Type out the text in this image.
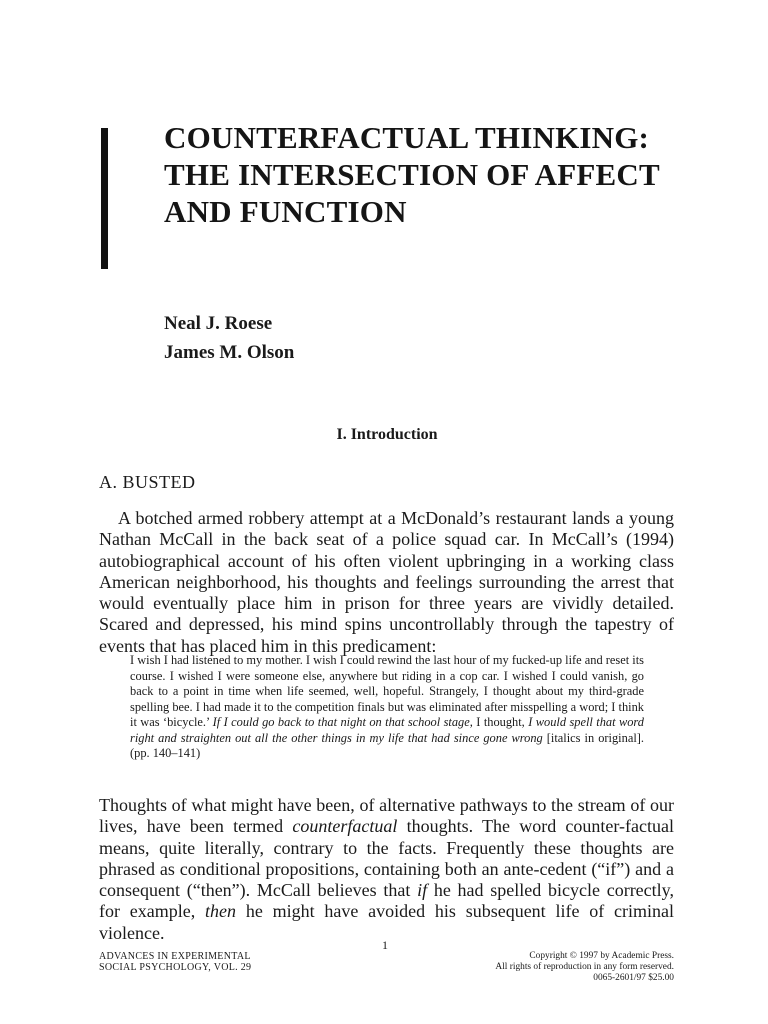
COUNTERFACTUAL THINKING:
THE INTERSECTION OF AFFECT
AND FUNCTION
Neal J. Roese
James M. Olson
I. Introduction
A. BUSTED

A botched armed robbery attempt at a McDonald’s restaurant lands a young Nathan McCall in the back seat of a police squad car. In McCall’s (1994) autobiographical account of his often violent upbringing in a working class American neighborhood, his thoughts and feelings surrounding the arrest that would eventually place him in prison for three years are vividly detailed. Scared and depressed, his mind spins uncontrollably through the tapestry of events that has placed him in this predicament:

I wish I had listened to my mother. I wish I could rewind the last hour of my fucked-up life and reset its course. I wished I were someone else, anywhere but riding in a cop car. I wished I could vanish, go back to a point in time when life seemed, well, hopeful. Strangely, I thought about my third-grade spelling bee. I had made it to the competition finals but was eliminated after misspelling a word; I think it was ‘bicycle.’ If I could go back to that night on that school stage, I thought, I would spell that word right and straighten out all the other things in my life that had since gone wrong [italics in original]. (pp. 140–141)

Thoughts of what might have been, of alternative pathways to the stream of our lives, have been termed counterfactual thoughts. The word counter-factual means, quite literally, contrary to the facts. Frequently these thoughts are phrased as conditional propositions, containing both an ante-cedent (“if”) and a consequent (“then”). McCall believes that if he had spelled bicycle correctly, for example, then he might have avoided his subsequent life of criminal violence.

1
ADVANCES IN EXPERIMENTAL
SOCIAL PSYCHOLOGY, VOL. 29
Copyright © 1997 by Academic Press.
All rights of reproduction in any form reserved.
0065-2601/97 $25.00
